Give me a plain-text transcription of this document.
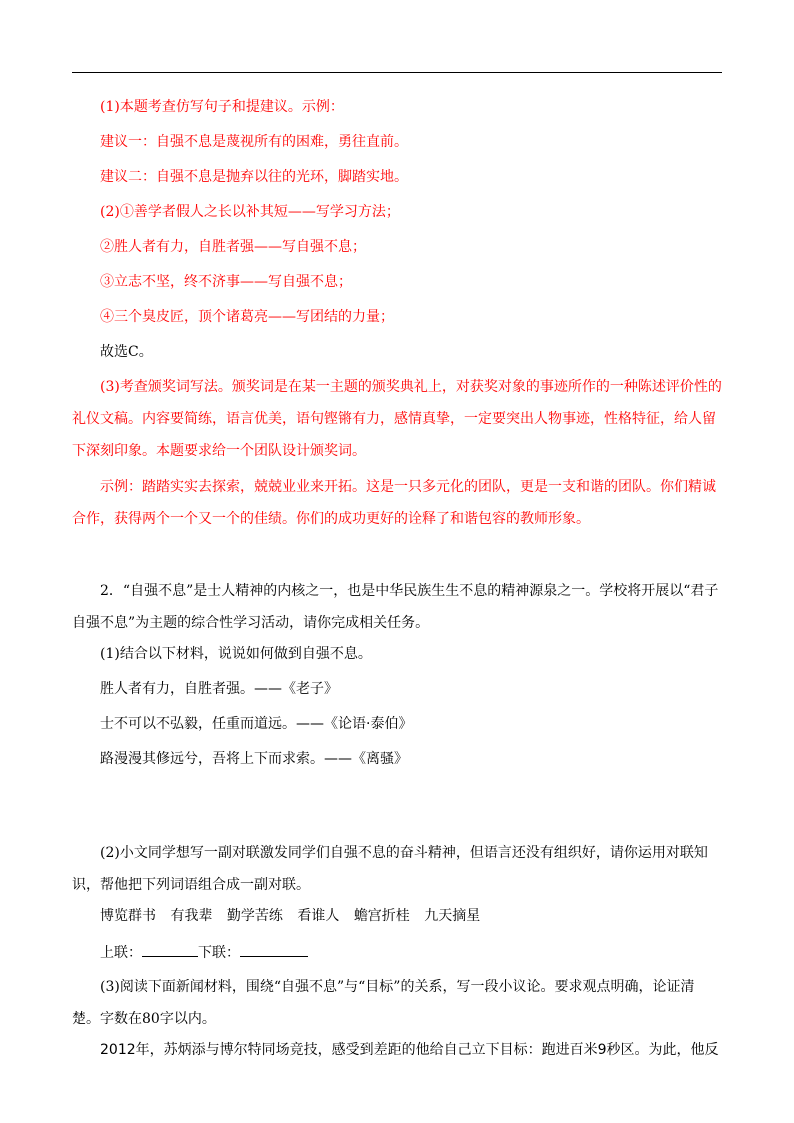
(1)本题考查仿写句子和提建议。示例：
建议一：自强不息是蔑视所有的困难，勇往直前。
建议二：自强不息是抛弃以往的光环，脚踏实地。
(2)①善学者假人之长以补其短——写学习方法；
②胜人者有力，自胜者强——写自强不息；
③立志不坚，终不济事——写自强不息；
④三个臭皮匠，顶个诸葛亮——写团结的力量；
故选C。

(3)考查颁奖词写法。颁奖词是在某一主题的颁奖典礼上，对获奖对象的事迹所作的一种陈述评价性的礼仪文稿。内容要简练，语言优美，语句铿锵有力，感情真挚，一定要突出人物事迹，性格特征，给人留下深刻印象。本题要求给一个团队设计颁奖词。

示例：踏踏实实去探索，兢兢业业来开拓。这是一只多元化的团队，更是一支和谐的团队。你们精诚合作，获得两个一个又一个的佳绩。你们的成功更好的诠释了和谐包容的教师形象。

2．“自强不息”是士人精神的内核之一，也是中华民族生生不息的精神源泉之一。学校将开展以“君子自强不息”为主题的综合性学习活动，请你完成相关任务。

(1)结合以下材料，说说如何做到自强不息。
胜人者有力，自胜者强。——《老子》
士不可以不弘毅，任重而道远。——《论语·泰伯》
路漫漫其修远兮，吾将上下而求索。——《离骚》

(2)小文同学想写一副对联激发同学们自强不息的奋斗精神，但语言还没有组织好，请你运用对联知识，帮他把下列词语组合成一副对联。

博览群书 有我辈 勤学苦练 看谁人 蟾宫折桂 九天摘星
上联：	下联：

(3)阅读下面新闻材料，围绕“自强不息”与“目标”的关系，写一段小议论。要求观点明确，论证清楚。字数在80字以内。

2012年，苏炳添与博尔特同场竞技，感受到差距的他给自己立下目标：跑进百米9秒区。为此，他反
